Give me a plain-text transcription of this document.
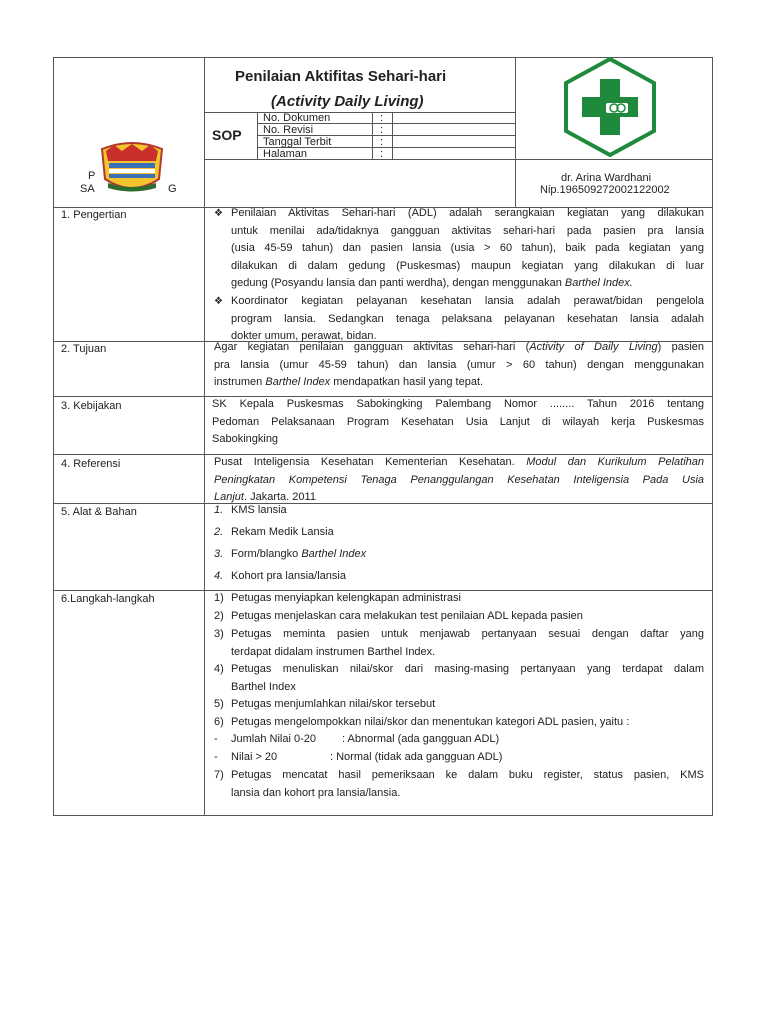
P
SA	G
Penilaian Aktifitas Sehari-hari
(Activity Daily Living)
SOP
No. Dokumen	:
No. Revisi	:
Tanggal Terbit	:
Halaman	:
dr. Arina Wardhani
Nip.196509272002122002
1. Pengertian	❖ Penilaian Aktivitas Sehari-hari (ADL) adalah serangkaian kegiatan yang dilakukan
untuk menilai ada/tidaknya gangguan aktivitas sehari-hari pada pasien pra lansia
(usia 45-59 tahun) dan pasien lansia (usia > 60 tahun), baik pada kegiatan yang
dilakukan di dalam gedung (Puskesmas) maupun kegiatan yang dilakukan di luar
gedung (Posyandu lansia dan panti werdha), dengan menggunakan Barthel Index.
❖ Koordinator kegiatan pelayanan kesehatan lansia adalah perawat/bidan pengelola
program lansia. Sedangkan tenaga pelaksana pelayanan kesehatan lansia adalah
dokter umum, perawat, bidan.
2. Tujuan	Agar kegiatan penilaian gangguan aktivitas sehari-hari (Activity of Daily Living) pasien
pra lansia (umur 45-59 tahun) dan lansia (umur > 60 tahun) dengan menggunakan
instrumen Barthel Index mendapatkan hasil yang tepat.
3. Kebijakan	SK Kepala Puskesmas Sabokingking Palembang Nomor ........ Tahun 2016 tentang
Pedoman Pelaksanaan Program Kesehatan Usia Lanjut di wilayah kerja Puskesmas
Sabokingking
4. Referensi	Pusat Inteligensia Kesehatan Kementerian Kesehatan. Modul dan Kurikulum Pelatihan
Peningkatan Kompetensi Tenaga Penanggulangan Kesehatan Inteligensia Pada Usia
Lanjut. Jakarta. 2011
5. Alat & Bahan	1. KMS lansia
2. Rekam Medik Lansia
3. Form/blangko Barthel Index
4. Kohort pra lansia/lansia
6.Langkah-langkah	1) Petugas menyiapkan kelengkapan administrasi
2) Petugas menjelaskan cara melakukan test penilaian ADL kepada pasien
3) Petugas meminta pasien untuk menjawab pertanyaan sesuai dengan daftar yang
terdapat didalam instrumen Barthel Index.
4) Petugas menuliskan nilai/skor dari masing-masing pertanyaan yang terdapat dalam
Barthel Index
5) Petugas menjumlahkan nilai/skor tersebut
6) Petugas mengelompokkan nilai/skor dan menentukan kategori ADL pasien, yaitu :
- Jumlah Nilai 0-20 : Abnormal (ada gangguan ADL)
- Nilai > 20	: Normal (tidak ada gangguan ADL)
7) Petugas mencatat hasil pemeriksaan ke dalam buku register, status pasien, KMS
lansia dan kohort pra lansia/lansia.
